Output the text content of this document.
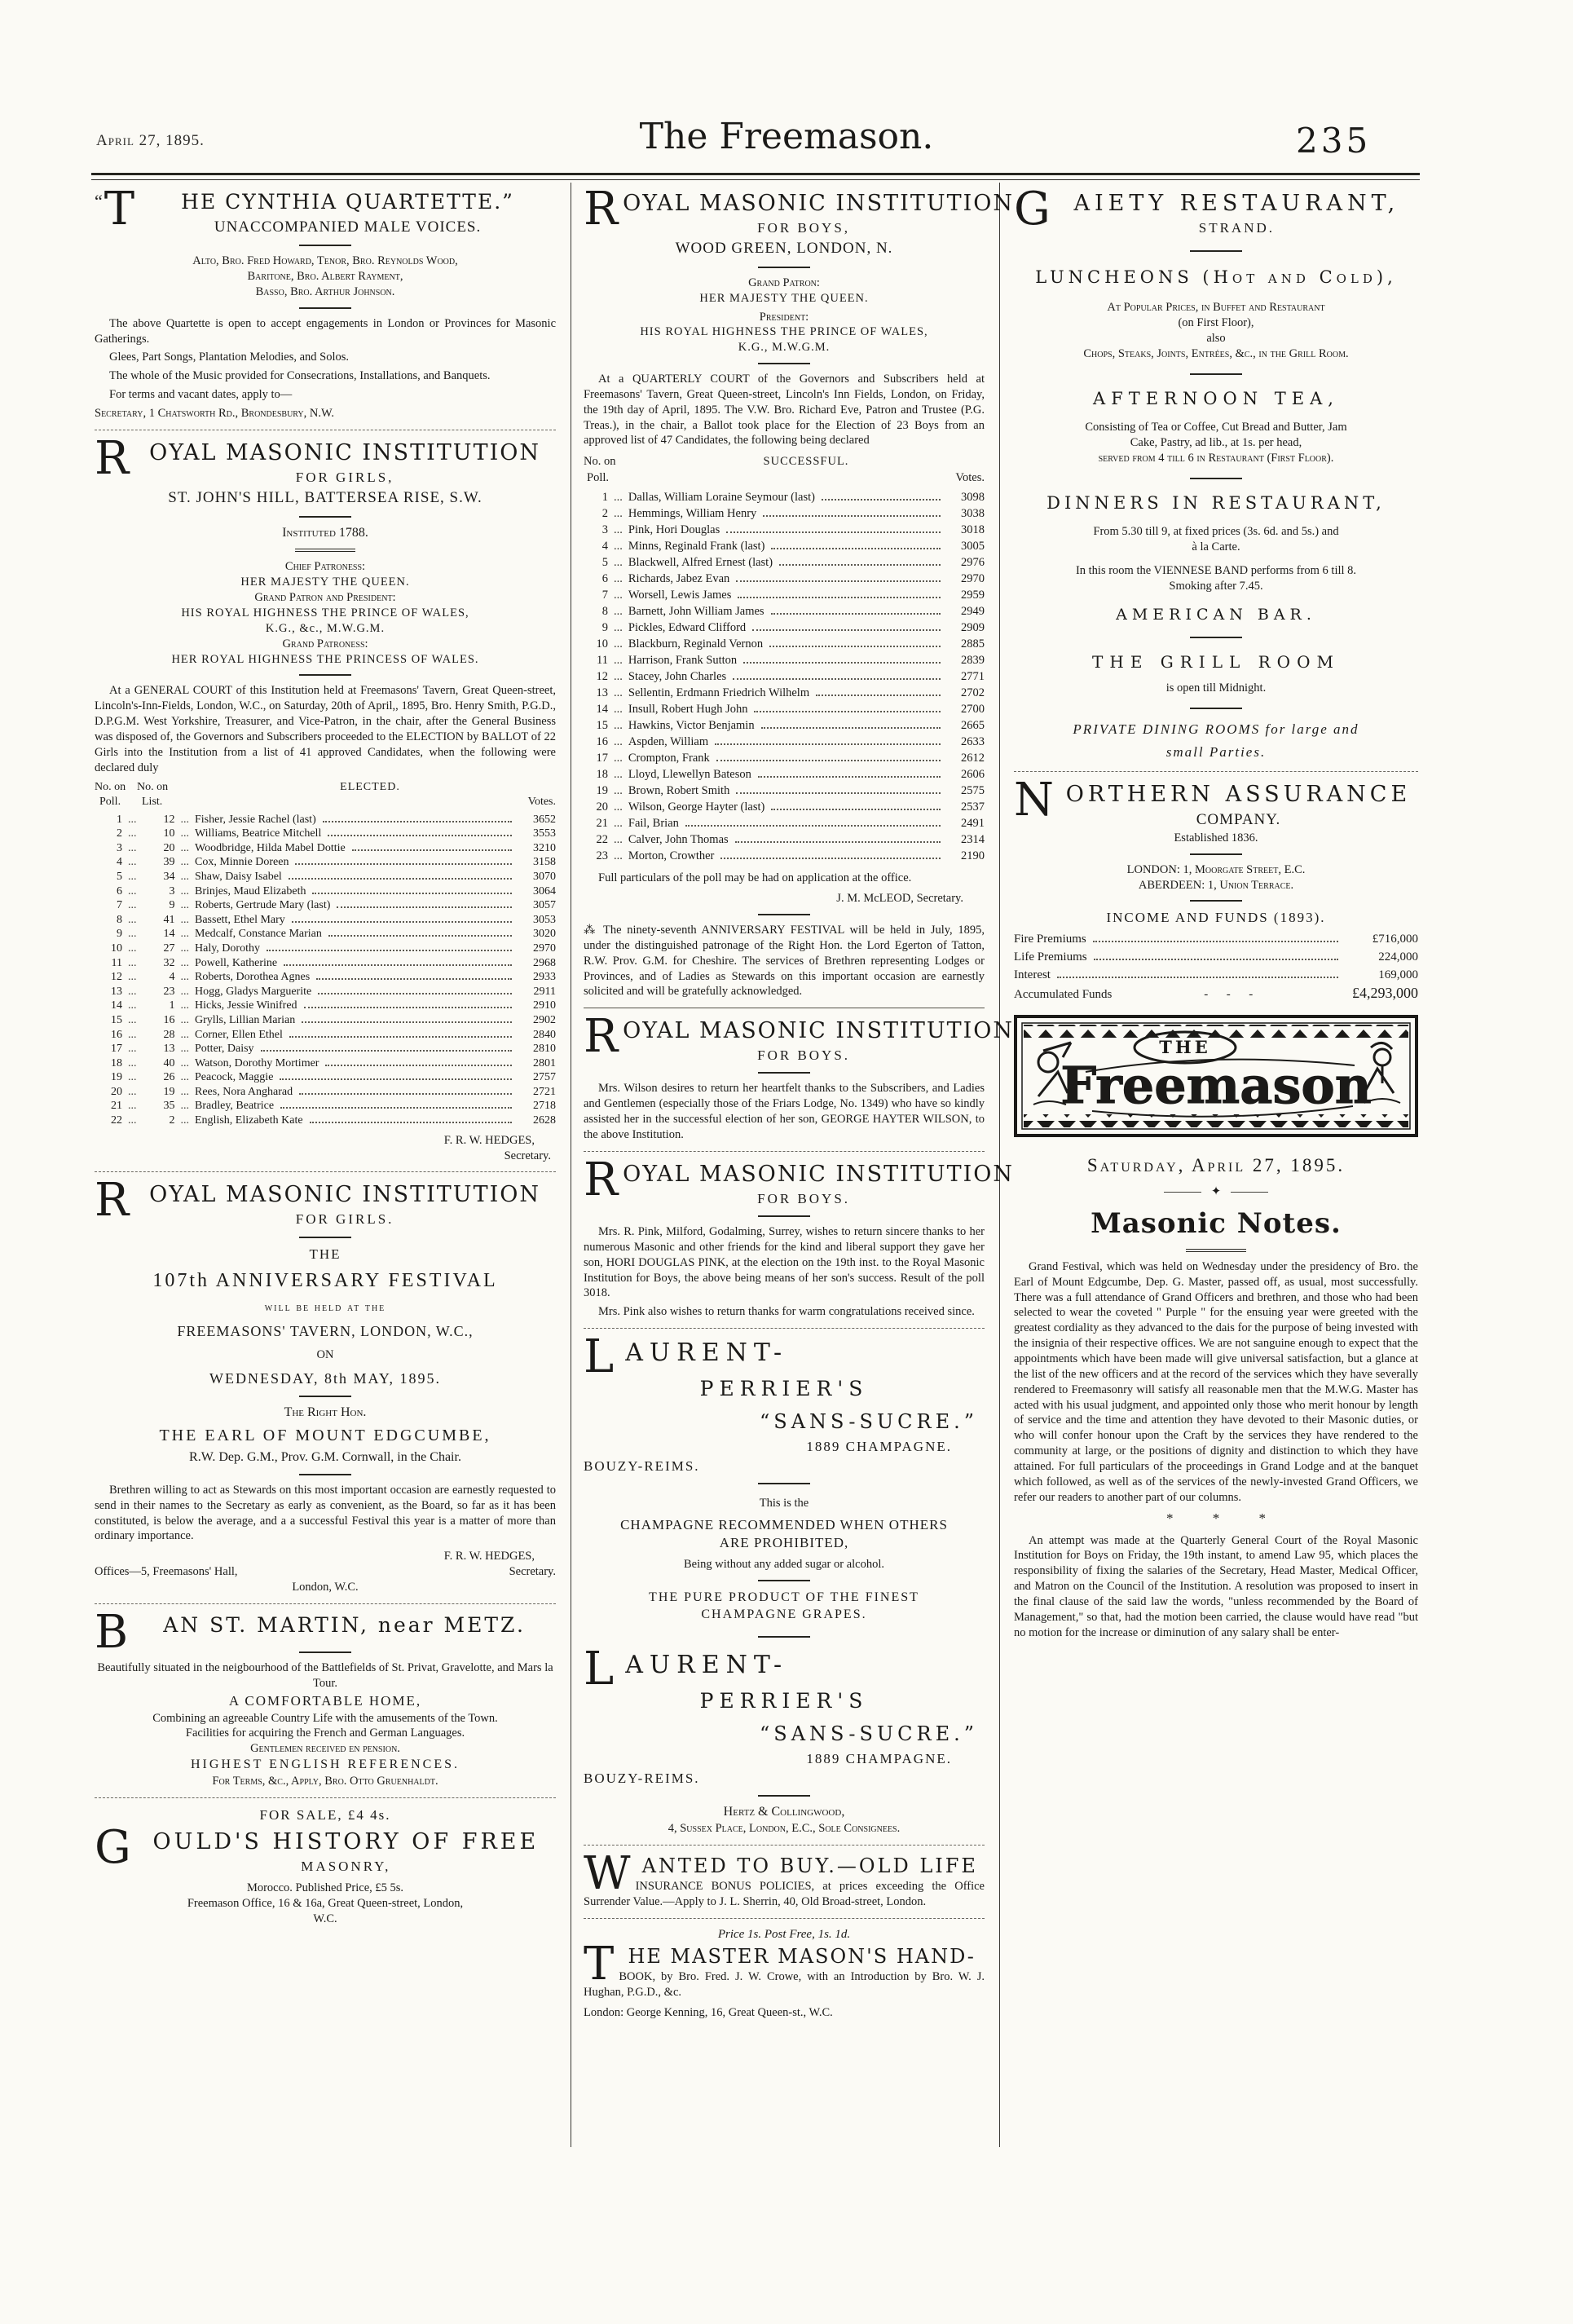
April 27, 1895.	The Freemason.	235
“ T	HE CYNTHIA QUARTETTE.”
UNACCOMPANIED MALE VOICES.
Alto, Bro. Fred Howard, Tenor, Bro. Reynolds Wood,
Baritone, Bro. Albert Rayment,
Basso, Bro. Arthur Johnson.

The above Quartette is open to accept engagements in London or Provinces for Masonic Gatherings.

Glees, Part Songs, Plantation Melodies, and Solos.

The whole of the Music provided for Consecrations, Installations, and Banquets.

For terms and vacant dates, apply to—

Secretary, 1 Chatsworth Rd., Brondesbury, N.W.

R OYAL MASONIC INSTITUTION
FOR GIRLS,
ST. JOHN'S HILL, BATTERSEA RISE, S.W.
Instituted 1788.
Chief Patroness:
HER MAJESTY THE QUEEN.
Grand Patron and President:
HIS ROYAL HIGHNESS THE PRINCE OF WALES,
K.G., &c., M.W.G.M.
Grand Patroness:
HER ROYAL HIGHNESS THE PRINCESS OF WALES.

At a GENERAL COURT of this Institution held at Freemasons' Tavern, Great Queen-street, Lincoln's-Inn-Fields, London, W.C., on Saturday, 20th of April,, 1895, Bro. Henry Smith, P.G.D., D.P.G.M. West Yorkshire, Treasurer, and Vice-Patron, in the chair, after the General Business was disposed of, the Governors and Subscribers proceeded to the ELECTION by BALLOT of 22 Girls into the Institution from a list of 41 approved Candidates, when the following were declared duly

No. on No. on	ELECTED.
Poll.	List.	Votes.
1 ...	12 ... Fisher, Jessie Rachel (last)	3652
2 ...	10 ... Williams, Beatrice Mitchell	3553
3 ...	20 ... Woodbridge, Hilda Mabel Dottie	3210
4 ...	39 ... Cox, Minnie Doreen	3158
5 ...	34 ... Shaw, Daisy Isabel	3070
6 ...	3 ... Brinjes, Maud Elizabeth	3064
7 ...	9 ... Roberts, Gertrude Mary (last)	3057
8 ...	41 ... Bassett, Ethel Mary	3053
9 ...	14 ... Medcalf, Constance Marian	3020
10 ...	27 ... Haly, Dorothy	2970
11 ...	32 ... Powell, Katherine	2968
12 ...	4 ... Roberts, Dorothea Agnes	2933
13 ...	23 ... Hogg, Gladys Marguerite	2911
14 ...	1 ... Hicks, Jessie Winifred	2910
15 ...	16 ... Grylls, Lillian Marian	2902
16 ...	28 ... Corner, Ellen Ethel	2840
17 ...	13 ... Potter, Daisy	2810
18 ...	40 ... Watson, Dorothy Mortimer	2801
19 ...	26 ... Peacock, Maggie	2757
20 ...	19 ... Rees, Nora Angharad	2721
21 ...	35 ... Bradley, Beatrice	2718
22 ...	2 ... English, Elizabeth Kate	2628
F. R. W. HEDGES,
Secretary.
R OYAL MASONIC INSTITUTION
FOR GIRLS.
THE
107th ANNIVERSARY FESTIVAL
will be held at the
FREEMASONS' TAVERN, LONDON, W.C.,
ON
WEDNESDAY, 8th MAY, 1895.
The Right Hon.
THE EARL OF MOUNT EDGCUMBE,
R.W. Dep. G.M., Prov. G.M. Cornwall, in the Chair.

Brethren willing to act as Stewards on this most important occasion are earnestly requested to send in their names to the Secretary as early as convenient, as the Board, so far as it has been constituted, is below the average, and a a successful Festival this year is a matter of more than ordinary importance.

F. R. W. HEDGES,
Offices—5, Freemasons' Hall,	Secretary.
London, W.C.
B	AN ST. MARTIN, near METZ.
Beautifully situated in the neigbourhood of the Battlefields of St. Privat, Gravelotte, and Mars la Tour.
A COMFORTABLE HOME,
Combining an agreeable Country Life with the amusements of the Town.
Facilities for acquiring the French and German Languages.
Gentlemen received en pension.
HIGHEST ENGLISH REFERENCES.
For Terms, &c., Apply, Bro. Otto Gruenhaldt.
FOR SALE, £4 4s.
G OULD'S HISTORY OF FREE
MASONRY,
Morocco. Published Price, £5 5s.
Freemason Office, 16 & 16a, Great Queen-street, London,
W.C.
R OYAL MASONIC INSTITUTION
FOR BOYS,
WOOD GREEN, LONDON, N.
Grand Patron:
HER MAJESTY THE QUEEN.
President:
HIS ROYAL HIGHNESS THE PRINCE OF WALES,
K.G., M.W.G.M.

At a QUARTERLY COURT of the Governors and Subscribers held at Freemasons' Tavern, Great Queen-street, Lincoln's Inn Fields, London, on Friday, the 19th day of April, 1895. The V.W. Bro. Richard Eve, Patron and Trustee (P.G. Treas.), in the chair, a Ballot took place for the Election of 23 Boys from an approved list of 47 Candidates, the following being declared

No. on	SUCCESSFUL.
Poll.	Votes.
1 ... Dallas, William Loraine Seymour (last)	3098
2 ... Hemmings, William Henry	3038
3 ... Pink, Hori Douglas	3018
4 ... Minns, Reginald Frank (last)	3005
5 ... Blackwell, Alfred Ernest (last)	2976
6 ... Richards, Jabez Evan	2970
7 ... Worsell, Lewis James	2959
8 ... Barnett, John William James	2949
9 ... Pickles, Edward Clifford	2909
10 ... Blackburn, Reginald Vernon	2885
11 ... Harrison, Frank Sutton	2839
12 ... Stacey, John Charles	2771
13 ... Sellentin, Erdmann Friedrich Wilhelm	2702
14 ... Insull, Robert Hugh John	2700
15 ... Hawkins, Victor Benjamin	2665
16 ... Aspden, William	2633
17 ... Crompton, Frank	2612
18 ... Lloyd, Llewellyn Bateson	2606
19 ... Brown, Robert Smith	2575
20 ... Wilson, George Hayter (last)	2537
21 ... Fail, Brian	2491
22 ... Calver, John Thomas	2314
23 ... Morton, Crowther	2190

Full particulars of the poll may be had on application at the office.

J. M. McLEOD, Secretary.

⁂ The ninety-seventh ANNIVERSARY FESTIVAL will be held in July, 1895, under the distinguished patronage of the Right Hon. the Lord Egerton of Tatton, R.W. Prov. G.M. for Cheshire. The services of Brethren representing Lodges or Provinces, and of Ladies as Stewards on this important occasion are earnestly solicited and will be gratefully acknowledged.

R OYAL MASONIC INSTITUTION
FOR BOYS.

Mrs. Wilson desires to return her heartfelt thanks to the Subscribers, and Ladies and Gentlemen (especially those of the Friars Lodge, No. 1349) who have so kindly assisted her in the successful election of her son, GEORGE HAYTER WILSON, to the above Institution.

R OYAL MASONIC INSTITUTION
FOR BOYS.

Mrs. R. Pink, Milford, Godalming, Surrey, wishes to return sincere thanks to her numerous Masonic and other friends for the kind and liberal support they gave her son, HORI DOUGLAS PINK, at the election on the 19th inst. to the Royal Masonic Institution for Boys, the above being means of her son's success. Result of the poll 3018.

Mrs. Pink also wishes to return thanks for warm congratulations received since.

LAURENT-
PERRIER'S
“SANS-SUCRE.”
1889 CHAMPAGNE.
BOUZY-REIMS.
This is the
CHAMPAGNE RECOMMENDED WHEN OTHERS
ARE PROHIBITED,
Being without any added sugar or alcohol.
THE PURE PRODUCT OF THE FINEST
CHAMPAGNE GRAPES.
LAURENT-
PERRIER'S
“SANS-SUCRE.”
1889 CHAMPAGNE.
BOUZY-REIMS.
Hertz & Collingwood,
4, Sussex Place, London, E.C., Sole Consignees.
W ANTED TO BUY.—OLD LIFE
INSURANCE BONUS POLICIES, at prices exceeding the Office Surrender Value.—Apply to J. L. Sherrin, 40, Old Broad-street, London.
Price 1s. Post Free, 1s. 1d.
T HE MASTER MASON'S HAND-
BOOK, by Bro. Fred. J. W. Crowe, with an Introduction by Bro. W. J. Hughan, P.G.D., &c.
London: George Kenning, 16, Great Queen-st., W.C.
G	AIETY RESTAURANT,
STRAND.
LUNCHEONS (Hot and Cold),
At Popular Prices, in Buffet and Restaurant
(on First Floor),
also
Chops, Steaks, Joints, Entrées, &c., in the Grill Room.
AFTERNOON TEA,
Consisting of Tea or Coffee, Cut Bread and Butter, Jam
Cake, Pastry, ad lib., at 1s. per head,
served from 4 till 6 in Restaurant (First Floor).
DINNERS IN RESTAURANT,
From 5.30 till 9, at fixed prices (3s. 6d. and 5s.) and
à la Carte.
In this room the VIENNESE BAND performs from 6 till 8.
Smoking after 7.45.
AMERICAN BAR.
THE GRILL ROOM
is open till Midnight.
PRIVATE DINING ROOMS for large and
small Parties.
N ORTHERN ASSURANCE
COMPANY.
Established 1836.
LONDON: 1, Moorgate Street, E.C.
ABERDEEN: 1, Union Terrace.
INCOME AND FUNDS (1893).
Fire Premiums	£716,000
Life Premiums	224,000
Interest	169,000
Accumulated Funds	-      -      -	£4,293,000
THE
Freemason
Saturday, April 27, 1895.
✦
Masonic Notes.

Grand Festival, which was held on Wednesday under the presidency of Bro. the Earl of Mount Edgcumbe, Dep. G. Master, passed off, as usual, most successfully. There was a full attendance of Grand Officers and brethren, and those who had been selected to wear the coveted " Purple " for the ensuing year were greeted with the greatest cordiality as they advanced to the dais for the purpose of being invested with the insignia of their respective offices. We are not sanguine enough to expect that the appointments which have been made will give universal satisfaction, but a glance at the list of the new officers and at the record of the services which they have severally rendered to Freemasonry will satisfy all reasonable men that the M.W.G. Master has acted with his usual judgment, and appointed only those who merit honour by length of service and the time and attention they have devoted to their Masonic duties, or who will confer honour upon the Craft by the services they have rendered to the community at large, or the positions of dignity and distinction to which they have attained. For full particulars of the proceedings in Grand Lodge and at the banquet which followed, as well as of the services of the newly-invested Grand Officers, we refer our readers to another part of our columns.

* * *

An attempt was made at the Quarterly General Court of the Royal Masonic Institution for Boys on Friday, the 19th instant, to amend Law 95, which places the responsibility of fixing the salaries of the Secretary, Head Master, Medical Officer, and Matron on the Council of the Institution. A resolution was proposed to insert in the final clause of the said law the words, "unless recommended by the Board of Management," so that, had the motion been carried, the clause would have read "but no motion for the increase or diminution of any salary shall be enter-
